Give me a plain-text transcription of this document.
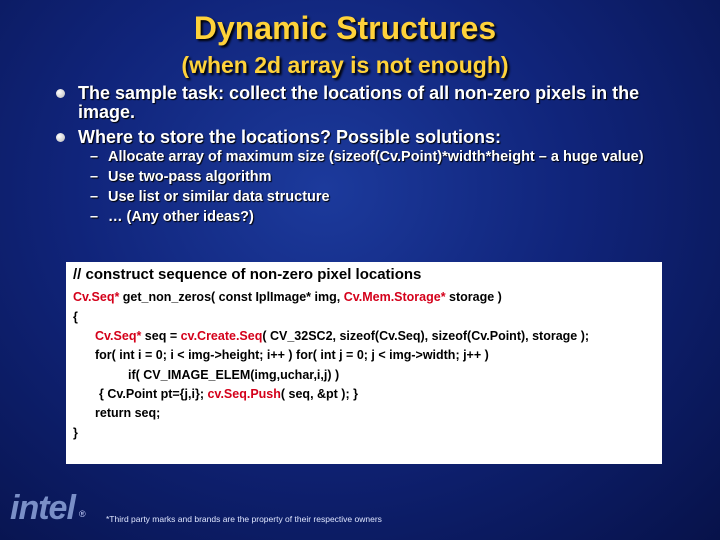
Dynamic Structures
(when 2d array is not enough)
The sample task: collect the locations of all non-zero pixels in the image.
Where to store the locations? Possible solutions:
– Allocate array of maximum size (sizeof(Cv.Point)*width*height – a huge value)
– Use two-pass algorithm
– Use list or similar data structure
– … (Any other ideas?)
// construct sequence of non-zero pixel locations
Cv.Seq* get_non_zeros( const IplImage* img, Cv.Mem.Storage* storage )
{
Cv.Seq* seq = cv.Create.Seq( CV_32SC2, sizeof(Cv.Seq), sizeof(Cv.Point), storage );
for( int i = 0; i < img->height; i++ ) for( int j = 0; j < img->width; j++ )
if( CV_IMAGE_ELEM(img,uchar,i,j) )
{ Cv.Point pt={j,i}; cv.Seq.Push( seq, &pt ); }
return seq;
}
intel ® *Third party marks and brands are the property of their respective owners
